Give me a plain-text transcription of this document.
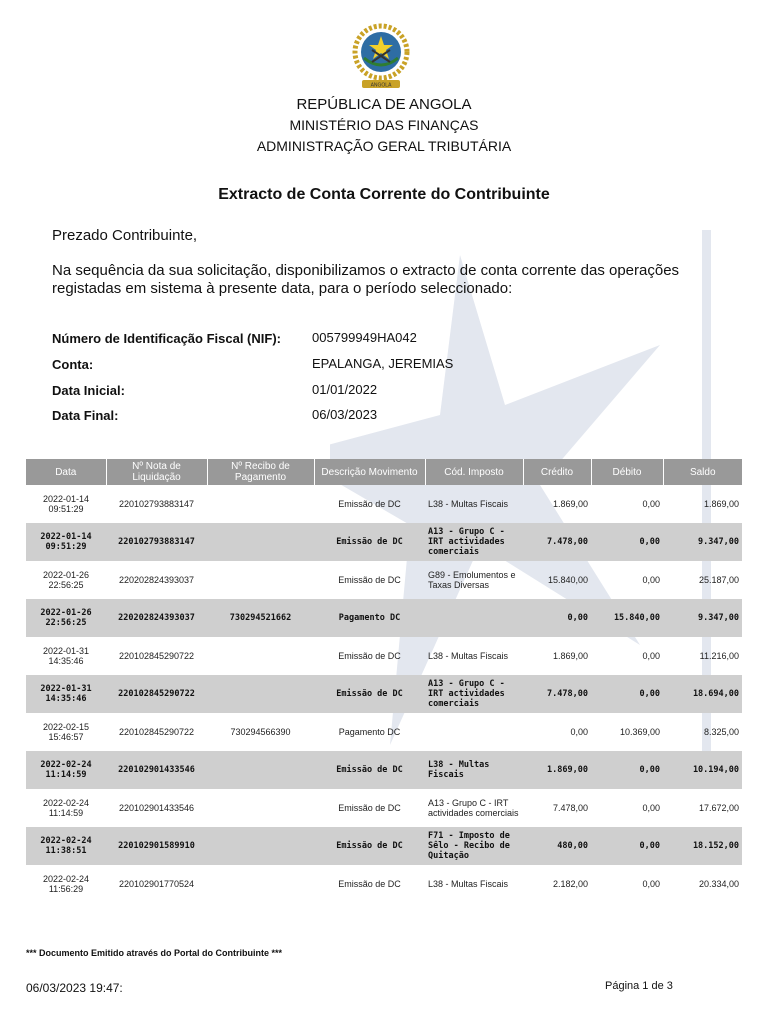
ANGOLA
REPÚBLICA DE ANGOLA
MINISTÉRIO DAS FINANÇAS
ADMINISTRAÇÃO GERAL TRIBUTÁRIA
Extracto de Conta Corrente do Contribuinte
Prezado Contribuinte,
Na sequência da sua solicitação, disponibilizamos o extracto de conta corrente das operações registadas em sistema à presente data, para o período seleccionado:
Número de Identificação Fiscal (NIF): 005799949HA042
Conta:	EPALANGA, JEREMIAS
Data Inicial:	01/01/2022
Data Final:	06/03/2023
Data	Nº Nota de Liquidação	Nº Recibo de Pagamento	Descrição Movimento	Cód. Imposto	Crédito	Débito	Saldo
2022-01-14
09:51:29	220102793883147		Emissão de DC	L38 - Multas Fiscais	1.869,00	0,00	1.869,00
2022-01-14
09:51:29	220102793883147		Emissão de DC	A13 - Grupo C - IRT actividades comerciais	7.478,00	0,00	9.347,00
2022-01-26
22:56:25	220202824393037		Emissão de DC	G89 - Emolumentos e Taxas Diversas	15.840,00	0,00	25.187,00
2022-01-26
22:56:25	220202824393037	730294521662	Pagamento DC		0,00	15.840,00	9.347,00
2022-01-31
14:35:46	220102845290722		Emissão de DC	L38 - Multas Fiscais	1.869,00	0,00	11.216,00
2022-01-31
14:35:46	220102845290722		Emissão de DC	A13 - Grupo C - IRT actividades comerciais	7.478,00	0,00	18.694,00
2022-02-15
15:46:57	220102845290722	730294566390	Pagamento DC		0,00	10.369,00	8.325,00
2022-02-24
11:14:59	220102901433546		Emissão de DC	L38 - Multas Fiscais	1.869,00	0,00	10.194,00
2022-02-24
11:14:59	220102901433546		Emissão de DC	A13 - Grupo C - IRT actividades comerciais	7.478,00	0,00	17.672,00
2022-02-24
11:38:51	220102901589910		Emissão de DC	F71 - Imposto de Sêlo - Recibo de Quitação	480,00	0,00	18.152,00
2022-02-24
11:56:29	220102901770524		Emissão de DC	L38 - Multas Fiscais	2.182,00	0,00	20.334,00
*** Documento Emitido através do Portal do Contribuinte ***
06/03/2023 19:47:	Página 1 de 3
